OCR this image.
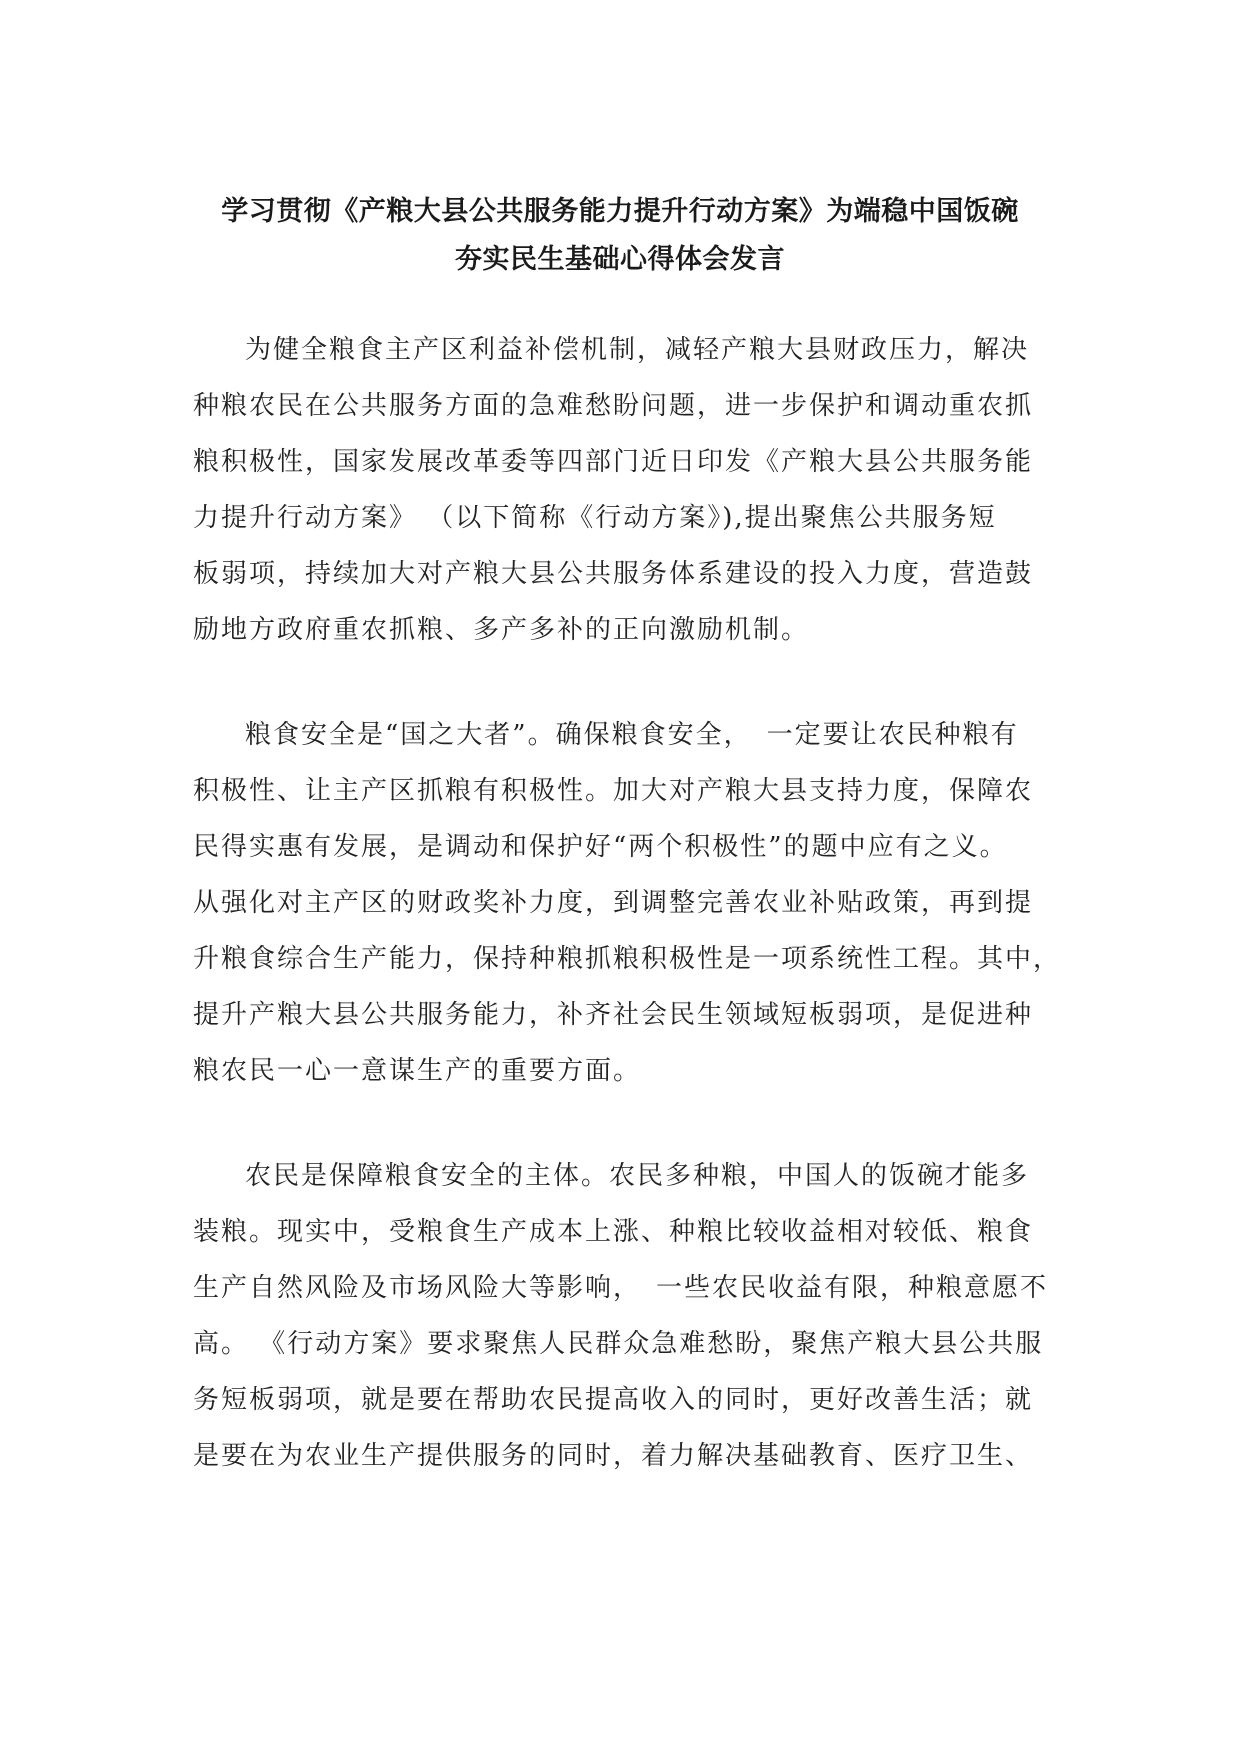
学习贯彻《产粮大县公共服务能力提升行动方案》为端稳中国饭碗
夯实民生基础心得体会发言

为健全粮食主产区利益补偿机制，减轻产粮大县财政压力，解决
种粮农民在公共服务方面的急难愁盼问题，进一步保护和调动重农抓
粮积极性，国家发展改革委等四部门近日印发《产粮大县公共服务能
力提升行动方案》 （以下简称《行动方案》),提出聚焦公共服务短
板弱项，持续加大对产粮大县公共服务体系建设的投入力度，营造鼓
励地方政府重农抓粮、多产多补的正向激励机制。

粮食安全是“国之大者”。确保粮食安全，　一定要让农民种粮有
积极性、让主产区抓粮有积极性。加大对产粮大县支持力度，保障农
民得实惠有发展，是调动和保护好“两个积极性”的题中应有之义。
从强化对主产区的财政奖补力度，到调整完善农业补贴政策，再到提
升粮食综合生产能力，保持种粮抓粮积极性是一项系统性工程。其中，
提升产粮大县公共服务能力，补齐社会民生领域短板弱项，是促进种
粮农民一心一意谋生产的重要方面。

农民是保障粮食安全的主体。农民多种粮，中国人的饭碗才能多
装粮。现实中，受粮食生产成本上涨、种粮比较收益相对较低、粮食
生产自然风险及市场风险大等影响，　一些农民收益有限，种粮意愿不
高。 《行动方案》要求聚焦人民群众急难愁盼，聚焦产粮大县公共服
务短板弱项，就是要在帮助农民提高收入的同时，更好改善生活；就
是要在为农业生产提供服务的同时，着力解决基础教育、医疗卫生、
